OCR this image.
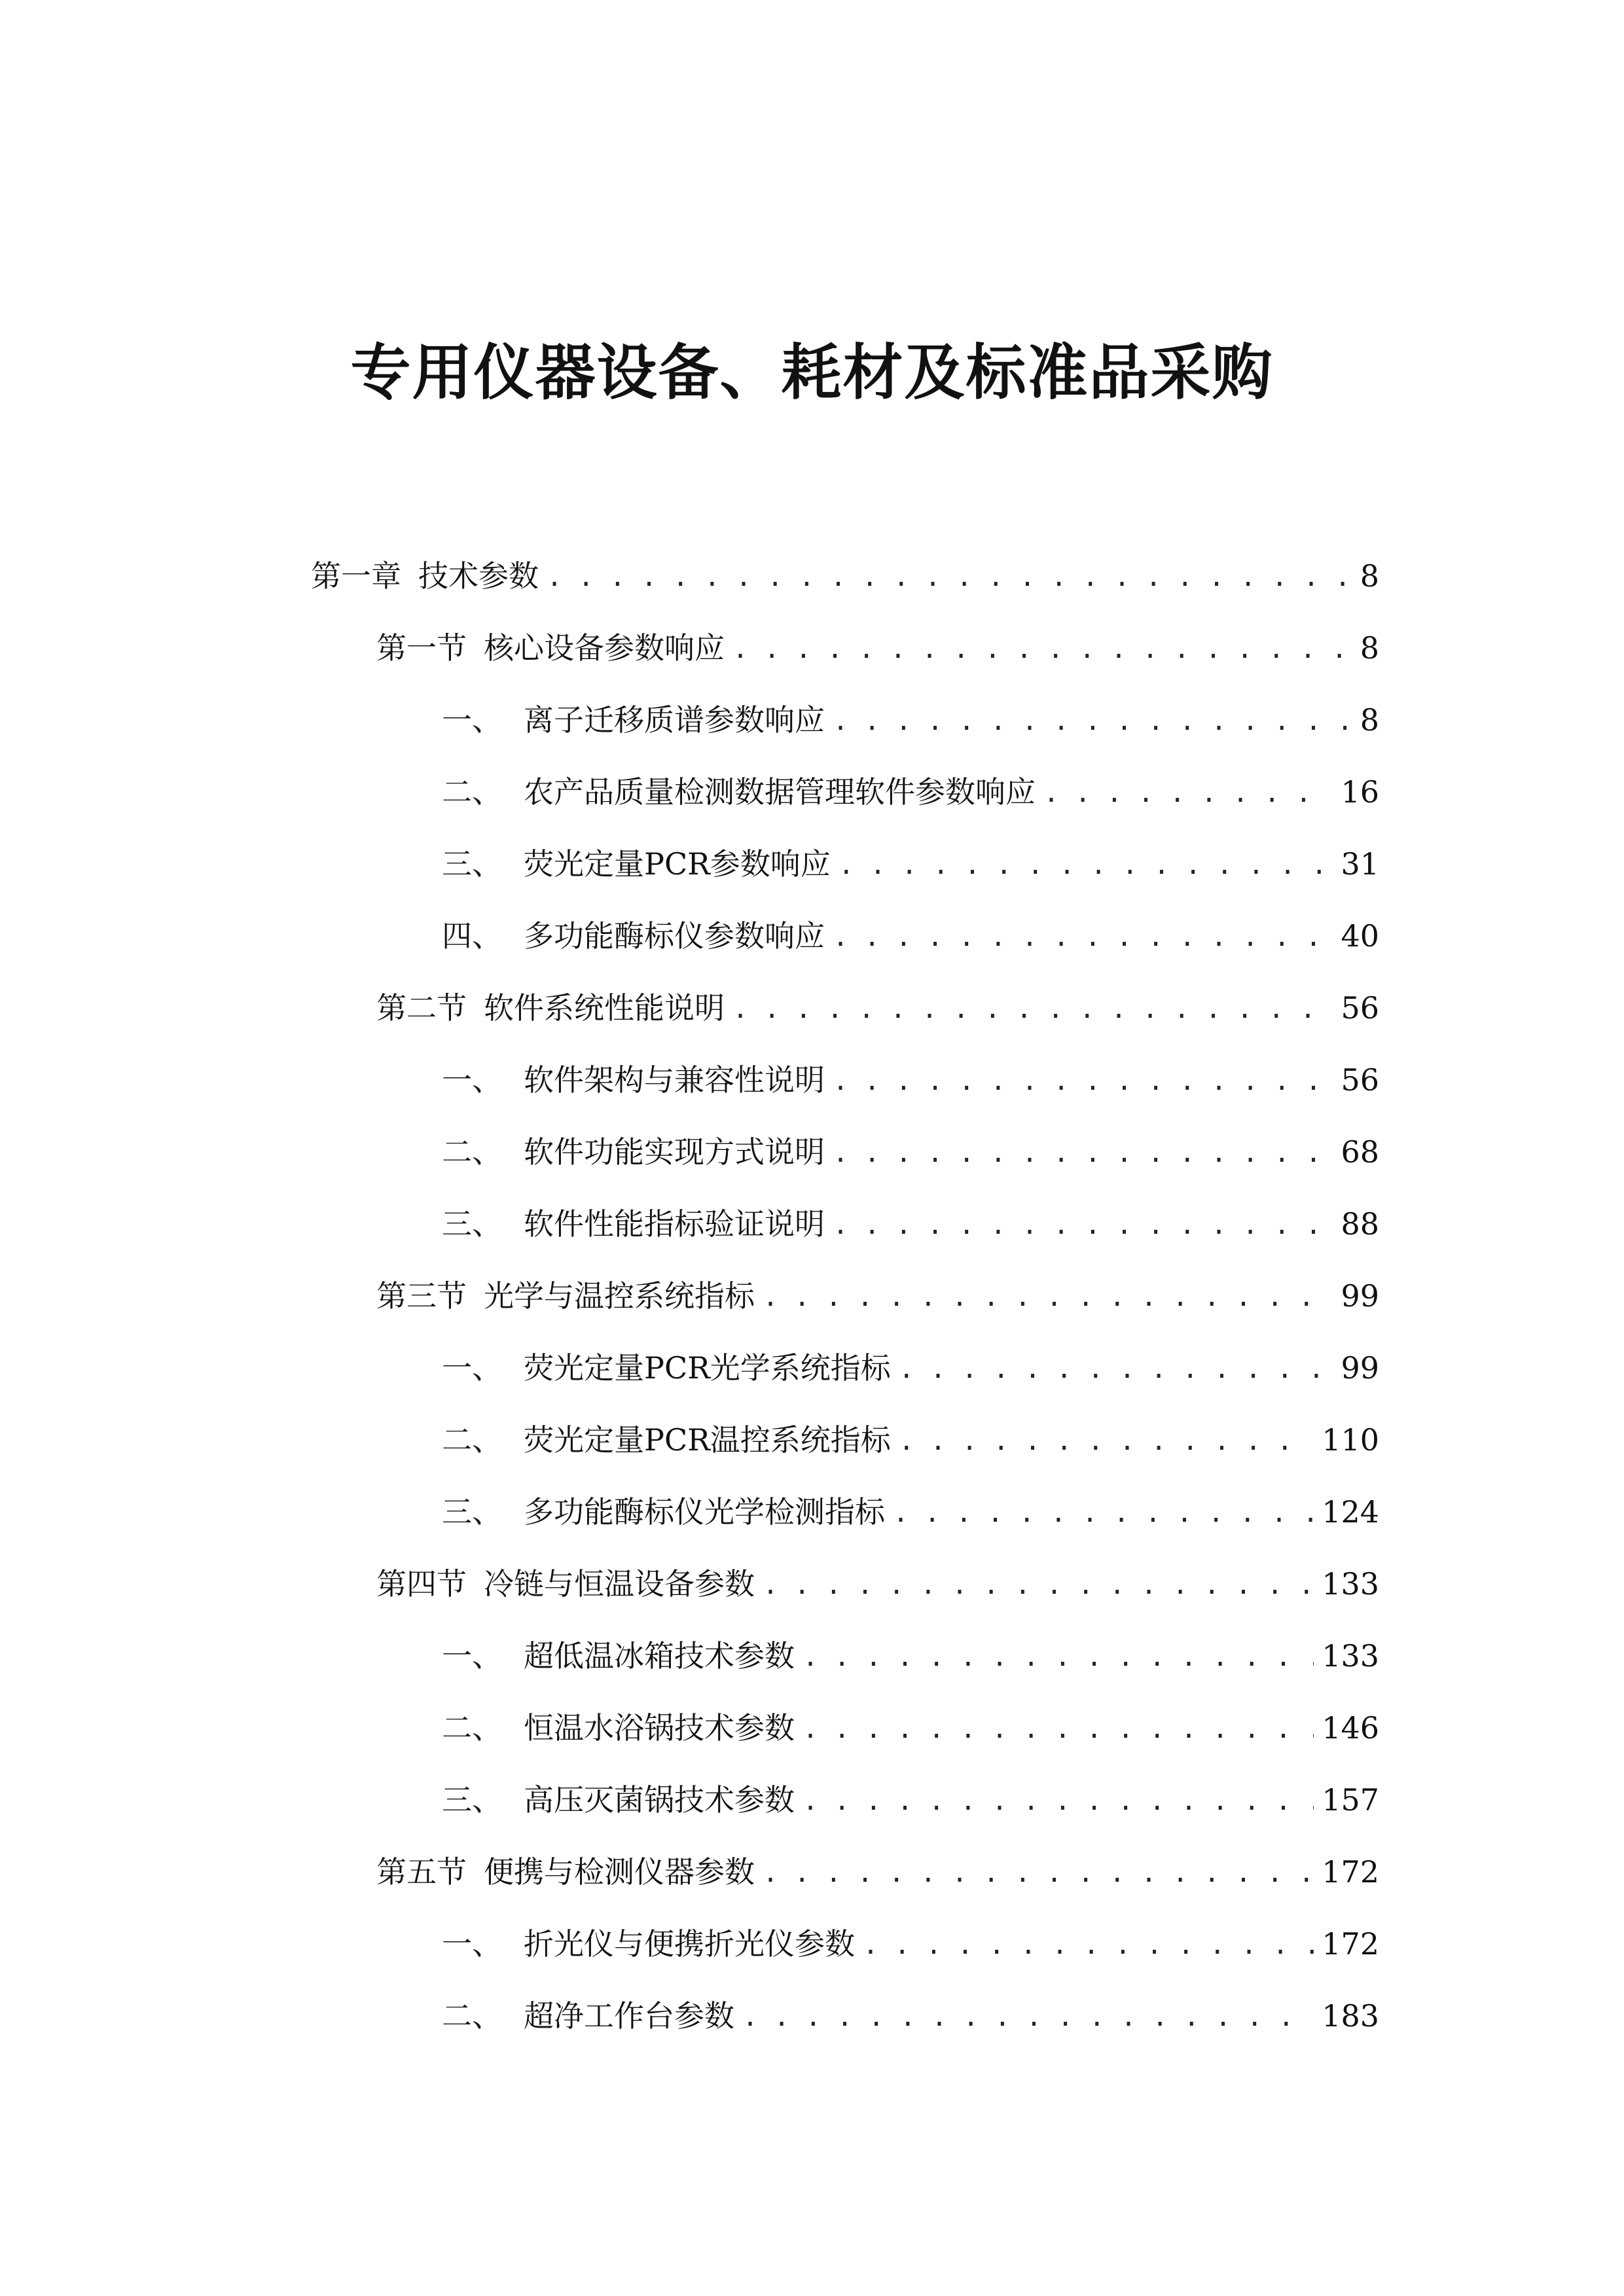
专用仪器设备、耗材及标准品采购
第一章 技术参数 . . .	8
第一节 核心设备参数响应 . . .	8
一、 离子迁移质谱参数响应 . . .	8
二、 农产品质量检测数据管理软件参数响应 . . .	16
三、 荧光定量PCR参数响应 . . .	31
四、 多功能酶标仪参数响应 . . .	40
第二节 软件系统性能说明 . . .	56
一、 软件架构与兼容性说明 . . .	56
二、 软件功能实现方式说明 . . .	68
三、 软件性能指标验证说明 . . .	88
第三节 光学与温控系统指标 . . .	99
一、 荧光定量PCR光学系统指标 . . .	99
二、 荧光定量PCR温控系统指标 . . .	110
三、 多功能酶标仪光学检测指标 . . .	124
第四节 冷链与恒温设备参数 . . .	133
一、 超低温冰箱技术参数 . . .	133
二、 恒温水浴锅技术参数 . . .	146
三、 高压灭菌锅技术参数 . . .	157
第五节 便携与检测仪器参数 . . .	172
一、 折光仪与便携折光仪参数 . . .	172
二、 超净工作台参数 . . .	183
